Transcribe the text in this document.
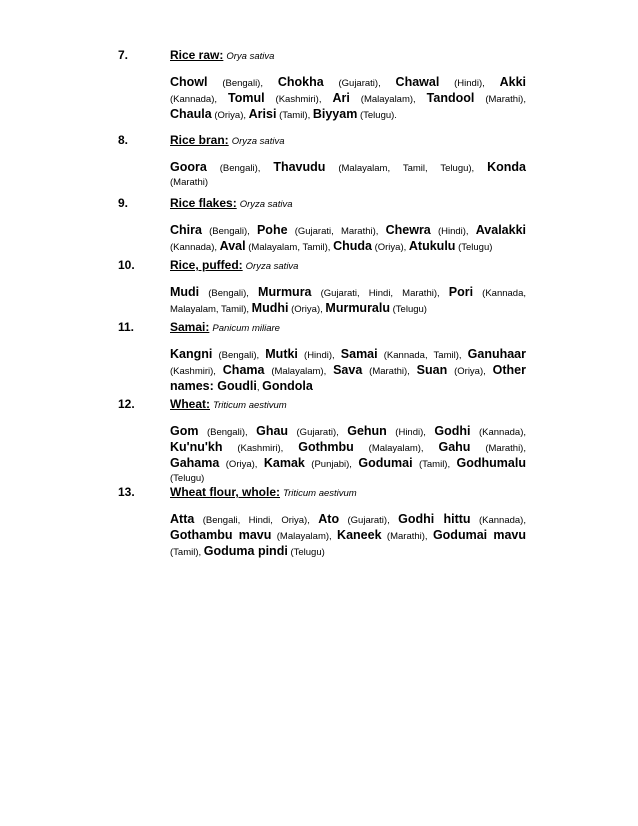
7.	Rice raw: Orya sativa
Chowl (Bengali), Chokha (Gujarati), Chawal (Hindi), Akki
(Kannada), Tomul (Kashmiri), Ari (Malayalam), Tandool (Marathi),
Chaula (Oriya), Arisi (Tamil), Biyyam (Telugu).
8.	Rice bran: Oryza sativa
Goora (Bengali), Thavudu (Malayalam, Tamil, Telugu), Konda
(Marathi)
9.	Rice flakes: Oryza sativa
Chira (Bengali), Pohe (Gujarati, Marathi), Chewra (Hindi), Avalakki
(Kannada), Aval (Malayalam, Tamil), Chuda (Oriya), Atukulu (Telugu)
10.	Rice, puffed: Oryza sativa
Mudi (Bengali), Murmura (Gujarati, Hindi, Marathi), Pori (Kannada,
Malayalam, Tamil), Mudhi (Oriya), Murmuralu (Telugu)
11.	Samai: Panicum miliare
Kangni (Bengali), Mutki (Hindi), Samai (Kannada, Tamil), Ganuhaar
(Kashmiri), Chama (Malayalam), Sava (Marathi), Suan (Oriya), Other
names: Goudli, Gondola
12.	Wheat: Triticum aestivum
Gom (Bengali), Ghau (Gujarati), Gehun (Hindi), Godhi (Kannada),
Ku'nu'kh (Kashmiri), Gothmbu (Malayalam), Gahu (Marathi),
Gahama (Oriya), Kamak (Punjabi), Godumai (Tamil), Godhumalu
(Telugu)
13.	Wheat flour, whole: Triticum aestivum
Atta (Bengali, Hindi, Oriya), Ato (Gujarati), Godhi hittu (Kannada),
Gothambu mavu (Malayalam), Kaneek (Marathi), Godumai mavu
(Tamil), Goduma pindi (Telugu)
